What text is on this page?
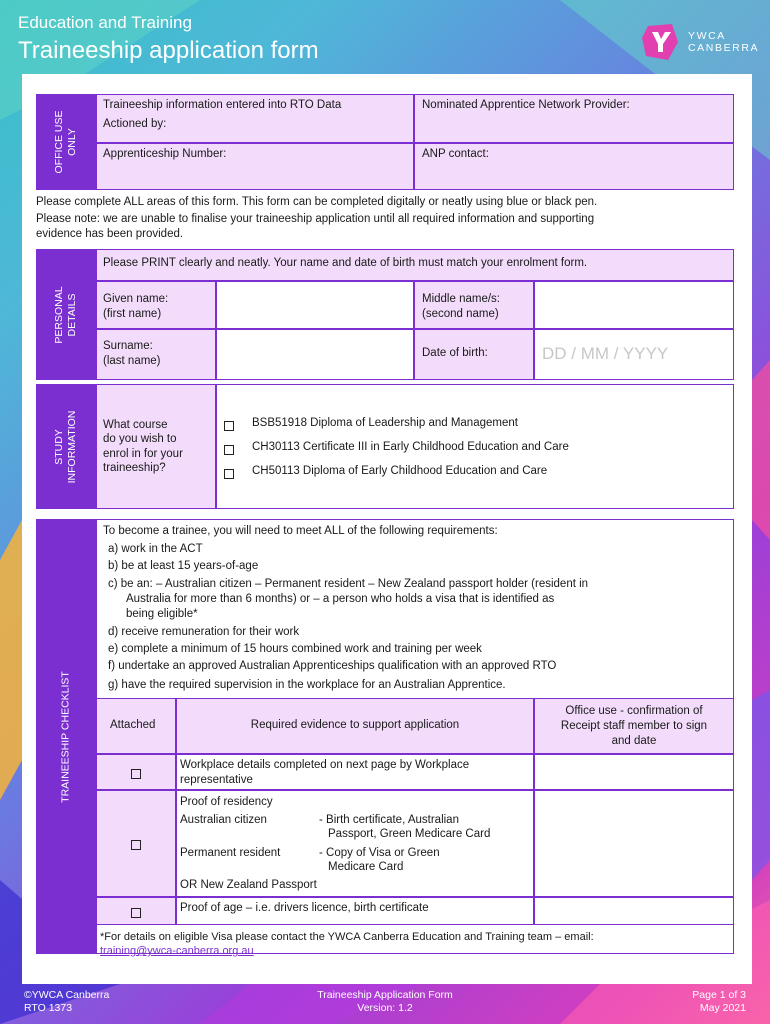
Education and Training
Traineeship application form
YWCA
CANBERRA
OFFICE USE ONLY
Traineeship information entered into RTO Data
Actioned by:
Nominated Apprentice Network Provider:
Apprenticeship Number:	ANP contact:
Please complete ALL areas of this form. This form can be completed digitally or neatly using blue or black pen.
Please note: we are unable to finalise your traineeship application until all required information and supporting
evidence has been provided.
PERSONAL DETAILS
Please PRINT clearly and neatly. Your name and date of birth must match your enrolment form.
Given name:
(first name)
Middle name/s:
(second name)
Surname:
(last name)
Date of birth:	DD / MM / YYYY
STUDY INFORMATION What course
do you wish to
enrol in for your
traineeship?
BSB51918 Diploma of Leadership and Management
CH30113 Certificate III in Early Childhood Education and Care
CH50113 Diploma of Early Childhood Education and Care
TRAINEESHIP CHECKLIST
To become a trainee, you will need to meet ALL of the following requirements:
a) work in the ACT
b) be at least 15 years-of-age
c) be an: – Australian citizen – Permanent resident – New Zealand passport holder (resident in
Australia for more than 6 months) or – a person who holds a visa that is identified as
being eligible*
d) receive remuneration for their work
e) complete a minimum of 15 hours combined work and training per week
f) undertake an approved Australian Apprenticeships qualification with an approved RTO
g) have the required supervision in the workplace for an Australian Apprentice.
Attached	Required evidence to support application
Office use - confirmation of
Receipt staff member to sign
and date
Workplace details completed on next page by Workplace
representative
Proof of residency
Australian citizen	- Birth certificate, Australian
Passport, Green Medicare Card
Permanent resident	- Copy of Visa or Green
Medicare Card
OR New Zealand Passport
Proof of age – i.e. drivers licence, birth certificate
*For details on eligible Visa please contact the YWCA Canberra Education and Training team – email:
training@ywca-canberra.org.au
©YWCA Canberra
RTO 1373
Traineeship Application Form
Version: 1.2
Page 1 of 3
May 2021
